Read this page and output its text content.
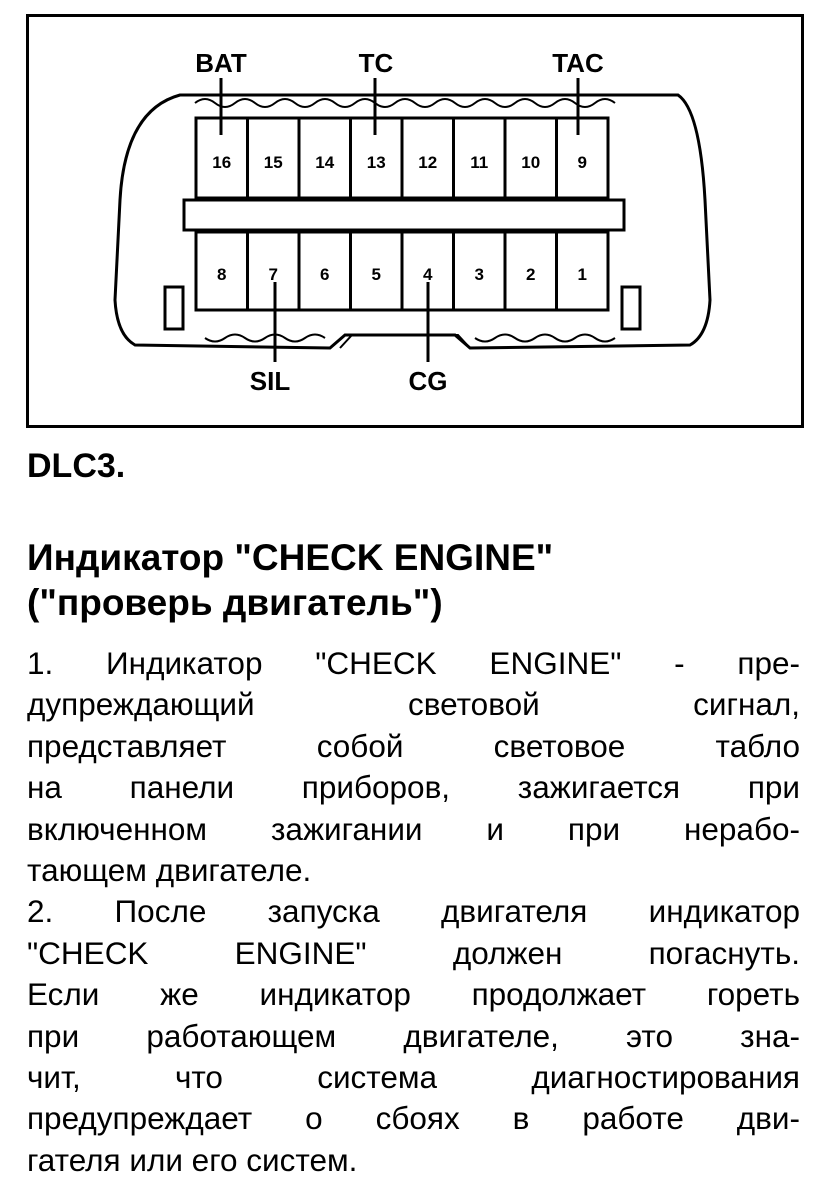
16 15 14 13 12 11 10 9
8 7 6 5 4 3 2 1
BAT	TC	TAC
SIL	CG
DLC3.
Индикатор "CHECK ENGINE"
("проверь двигатель")
1. Индикатор "CHECK ENGINE" - пре-
дупреждающий световой сигнал,
представляет собой световое табло
на панели приборов, зажигается при
включенном зажигании и при нерабо-
тающем двигателе.
2. После запуска двигателя индикатор
"CHECK ENGINE" должен погаснуть.
Если же индикатор продолжает гореть
при работающем двигателе, это зна-
чит, что система диагностирования
предупреждает о сбоях в работе дви-
гателя или его систем.
